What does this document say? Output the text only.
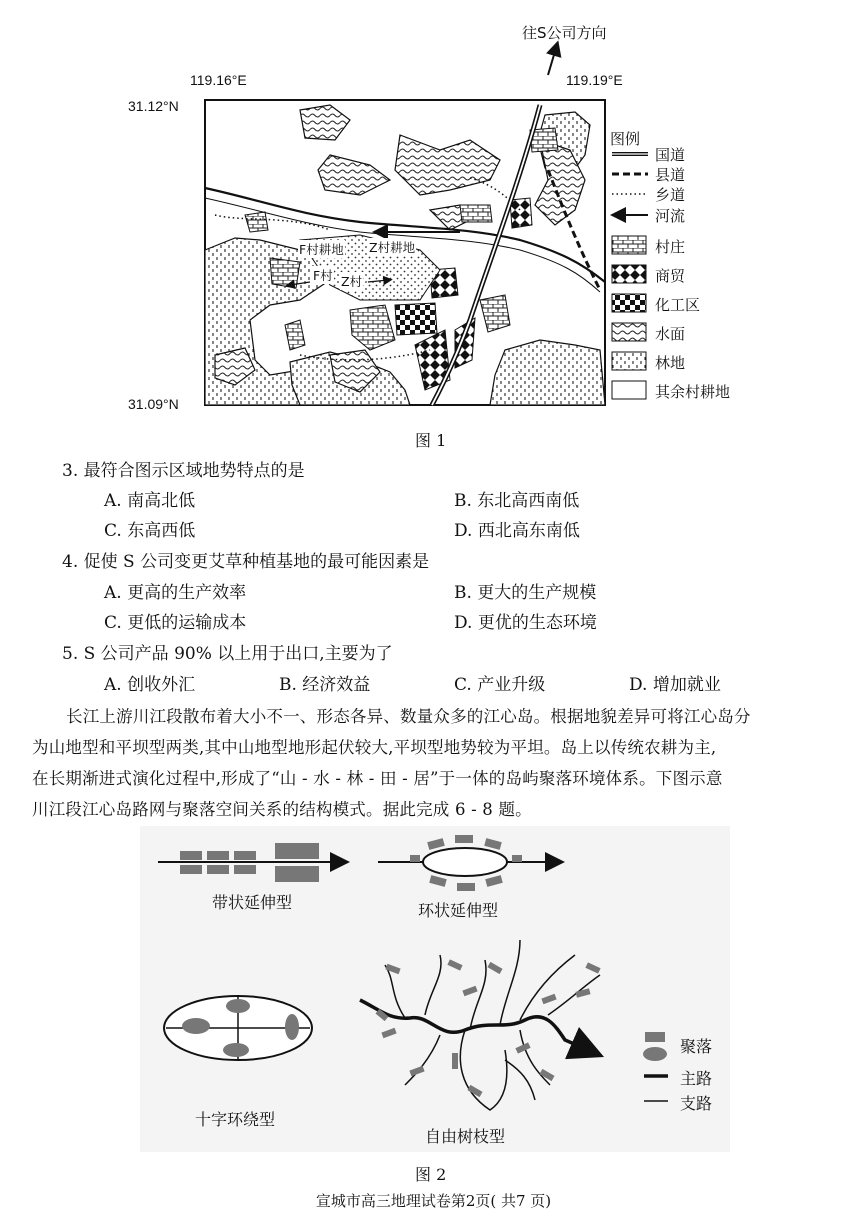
往S公司方向
119.16°E	119.19°E
31.12°N
31.09°N
F村耕地 Z村耕地
F村 Z村
图例
国道
县道
乡道
河流
村庄
商贸
化工区
水面
林地
其余村耕地
图 1
3. 最符合图示区域地势特点的是
A. 南高北低	B. 东北高西南低
C. 东高西低	D. 西北高东南低
4. 促使 S 公司变更艾草种植基地的最可能因素是
A. 更高的生产效率	B. 更大的生产规模
C. 更低的运输成本	D. 更优的生态环境
5. S 公司产品 90% 以上用于出口,主要为了
A. 创收外汇	B. 经济效益	C. 产业升级	D. 增加就业
长江上游川江段散布着大小不一、形态各异、数量众多的江心岛。根据地貌差异可将江心岛分
为山地型和平坝型两类,其中山地型地形起伏较大,平坝型地势较为平坦。岛上以传统农耕为主,
在长期渐进式演化过程中,形成了“山 - 水 - 林 - 田 - 居”于一体的岛屿聚落环境体系。下图示意
川江段江心岛路网与聚落空间关系的结构模式。据此完成 6 - 8 题。
带状延伸型	环状延伸型
十字环绕型
自由树枝型
聚落
主路
支路
图 2
宣城市高三地理试卷第2页( 共7 页)
